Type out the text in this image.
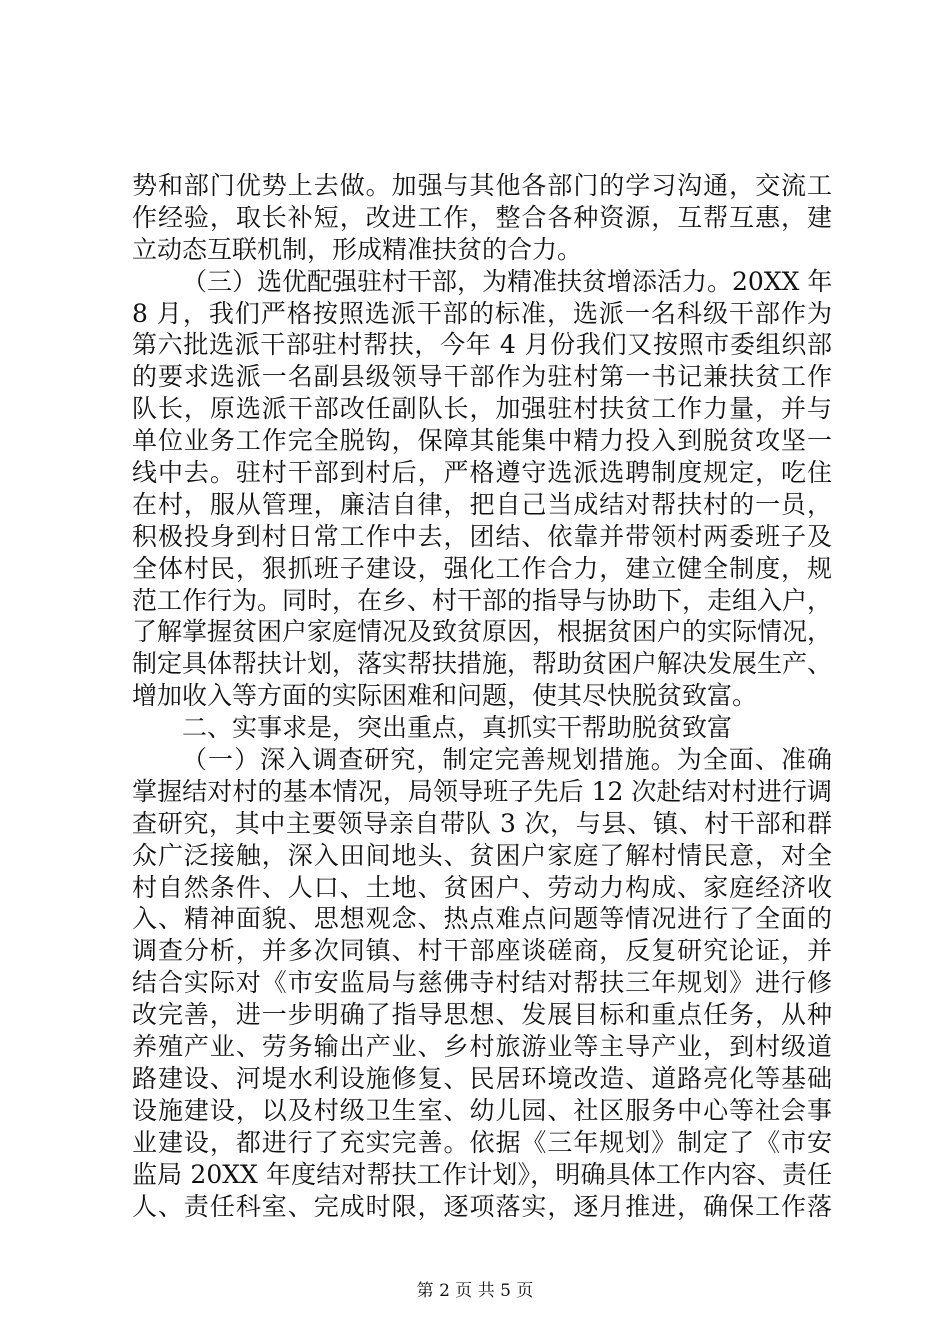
势和部门优势上去做。加强与其他各部门的学习沟通，交流工
作经验，取长补短，改进工作，整合各种资源，互帮互惠，建
立动态互联机制，形成精准扶贫的合力。
（三）选优配强驻村干部，为精准扶贫增添活力。20XX 年
8 月，我们严格按照选派干部的标准，选派一名科级干部作为
第六批选派干部驻村帮扶，今年 4 月份我们又按照市委组织部
的要求选派一名副县级领导干部作为驻村第一书记兼扶贫工作
队长，原选派干部改任副队长，加强驻村扶贫工作力量，并与
单位业务工作完全脱钩，保障其能集中精力投入到脱贫攻坚一
线中去。驻村干部到村后，严格遵守选派选聘制度规定，吃住
在村，服从管理，廉洁自律，把自己当成结对帮扶村的一员，
积极投身到村日常工作中去，团结、依靠并带领村两委班子及
全体村民，狠抓班子建设，强化工作合力，建立健全制度，规
范工作行为。同时，在乡、村干部的指导与协助下，走组入户，
了解掌握贫困户家庭情况及致贫原因，根据贫困户的实际情况，
制定具体帮扶计划，落实帮扶措施，帮助贫困户解决发展生产、
增加收入等方面的实际困难和问题，使其尽快脱贫致富。
二、实事求是，突出重点，真抓实干帮助脱贫致富
（一）深入调查研究，制定完善规划措施。为全面、准确
掌握结对村的基本情况，局领导班子先后 12 次赴结对村进行调
查研究，其中主要领导亲自带队 3 次，与县、镇、村干部和群
众广泛接触，深入田间地头、贫困户家庭了解村情民意，对全
村自然条件、人口、土地、贫困户、劳动力构成、家庭经济收
入、精神面貌、思想观念、热点难点问题等情况进行了全面的
调查分析，并多次同镇、村干部座谈磋商，反复研究论证，并
结合实际对《市安监局与慈佛寺村结对帮扶三年规划》进行修
改完善，进一步明确了指导思想、发展目标和重点任务，从种
养殖产业、劳务输出产业、乡村旅游业等主导产业，到村级道
路建设、河堤水利设施修复、民居环境改造、道路亮化等基础
设施建设，以及村级卫生室、幼儿园、社区服务中心等社会事
业建设，都进行了充实完善。依据《三年规划》制定了《市安
监局 20XX 年度结对帮扶工作计划》，明确具体工作内容、责任
人、责任科室、完成时限，逐项落实，逐月推进，确保工作落
第 2 页 共 5 页
